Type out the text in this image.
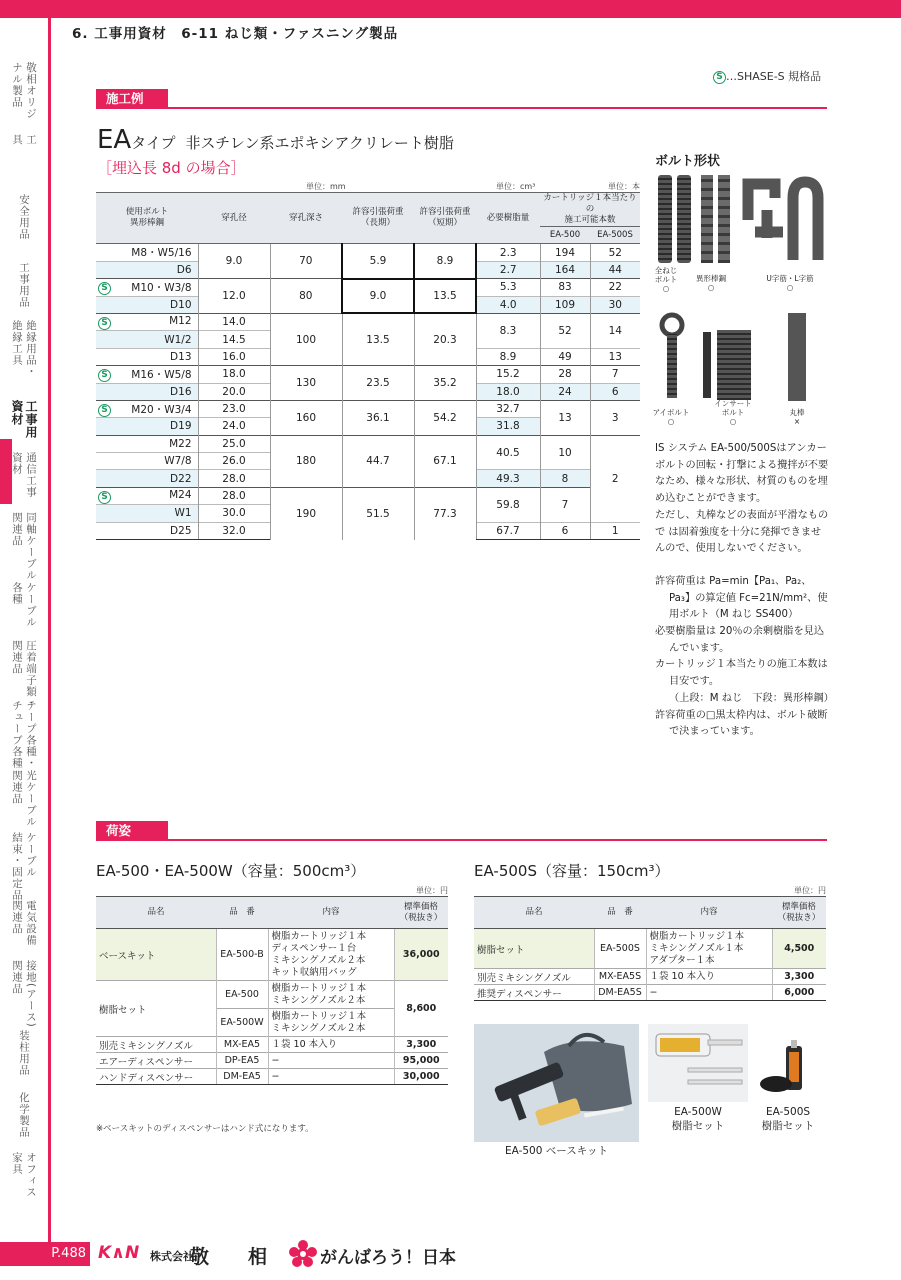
6. 工事用資材　6-11 ねじ類・ファスニング製品
敬相オリジ
ナル製品
工
具
安全用品
工事用品
絶縁用品・
絶縁工具
工事用
資材
通信工事
資材
同軸ケーブル
関連品
ケーブル
各種
圧着端子類・
関連品
テープ各種・
チューブ各種
光ケーブル
関連品
ケーブル
結束・固定品
電気設備
関連品
接地(アース)
関連品
装柱用品
化学製品
オフィス
家具
S …SHASE-S 規格品
施工例
EAタイプ 非スチレン系エポキシアクリレート樹脂
［埋込長 8d の場合］
単位：mm	単位：cm³	単位：本
使用ボルト
異形棒鋼	穿孔径	穿孔深さ	許容引張荷重
（長期）	許容引張荷重
（短期）	必要樹脂量	カートリッジ１本当たりの
施工可能本数	
						EA-500	EA-500S
M8・W5/16	9.0	70	5.9	8.9	2.3	194	52
D6					2.7	164	44

S M10・W3/8	12.0	80	9.0	13.5	5.3	83	22
D10					4.0	109	30

S M12	14.0	100	13.5	20.3	8.3	52	14
W1/2	14.5						
D13	16.0				8.9	49	13

S M16・W5/8	18.0	130	23.5	35.2	15.2	28	7
D16	20.0				18.0	24	6

S M20・W3/4	23.0	160	36.1	54.2	32.7	13	3
D19	24.0				31.8		
M22	25.0	180	44.7	67.1	40.5	10	2
W7/8	26.0						
D22	28.0				49.3	8	

S M24	28.0	190	51.5	77.3	59.8	7	
W1	30.0						
D25	32.0				67.7	6	1
ボルト形状
全ねじ
ボルト
○
異形棒鋼
○
U字筋・L字筋
○
アイボルト
○
インサート
ボルト
○
丸棒
×
IS システム EA-500/500Sはアンカーボルトの回転・打撃による攪拌が不要なため、様々な形状、材質のものを埋め込むことができます。
ただし、丸棒などの表面が平滑なもので は固着強度を十分に発揮できませんので、使用しないでください。
許容荷重は Pa=min【Pa₁、Pa₂、Pa₃】の算定値 Fc=21N/mm²、使用ボルト（M ねじ SS400）
必要樹脂量は 20％の余剰樹脂を見込んでいます。
カートリッジ１本当たりの施工本数は目安です。
（上段：M ねじ　下段：異形棒鋼）
許容荷重の□黒太枠内は、ボルト破断で決まっています。
荷姿
EA-500・EA-500W（容量：500cm³）
単位：円
品名	品　番	内容	標準価格
（税抜き）
ベースキット	EA-500-B	樹脂カートリッジ１本
ディスペンサー１台
ミキシングノズル２本
キット収納用バッグ	36,000
樹脂セット	EA-500	樹脂カートリッジ１本
ミキシングノズル２本	8,600
	EA-500W	樹脂カートリッジ１本
ミキシングノズル２本	
別売ミキシングノズル	MX-EA5	１袋 10 本入り	3,300
エアーディスペンサー	DP-EA5	−	95,000
ハンドディスペンサー	DM-EA5	−	30,000
※ベースキットのディスペンサーはハンド式になります。
EA-500S（容量：150cm³）
単位：円
品名	品　番	内容	標準価格
（税抜き）
樹脂セット	EA-500S	樹脂カートリッジ１本
ミキシングノズル１本
アダプター１本	4,500
別売ミキシングノズル	MX-EA5S	１袋 10 本入り	3,300
推奨ディスペンサー	DM-EA5S	−	6,000
EA-500 ベースキット
EA-500W
樹脂セット
EA-500S
樹脂セット
P.488 K∧N 株式会社
敬 相	がんばろう！日本
